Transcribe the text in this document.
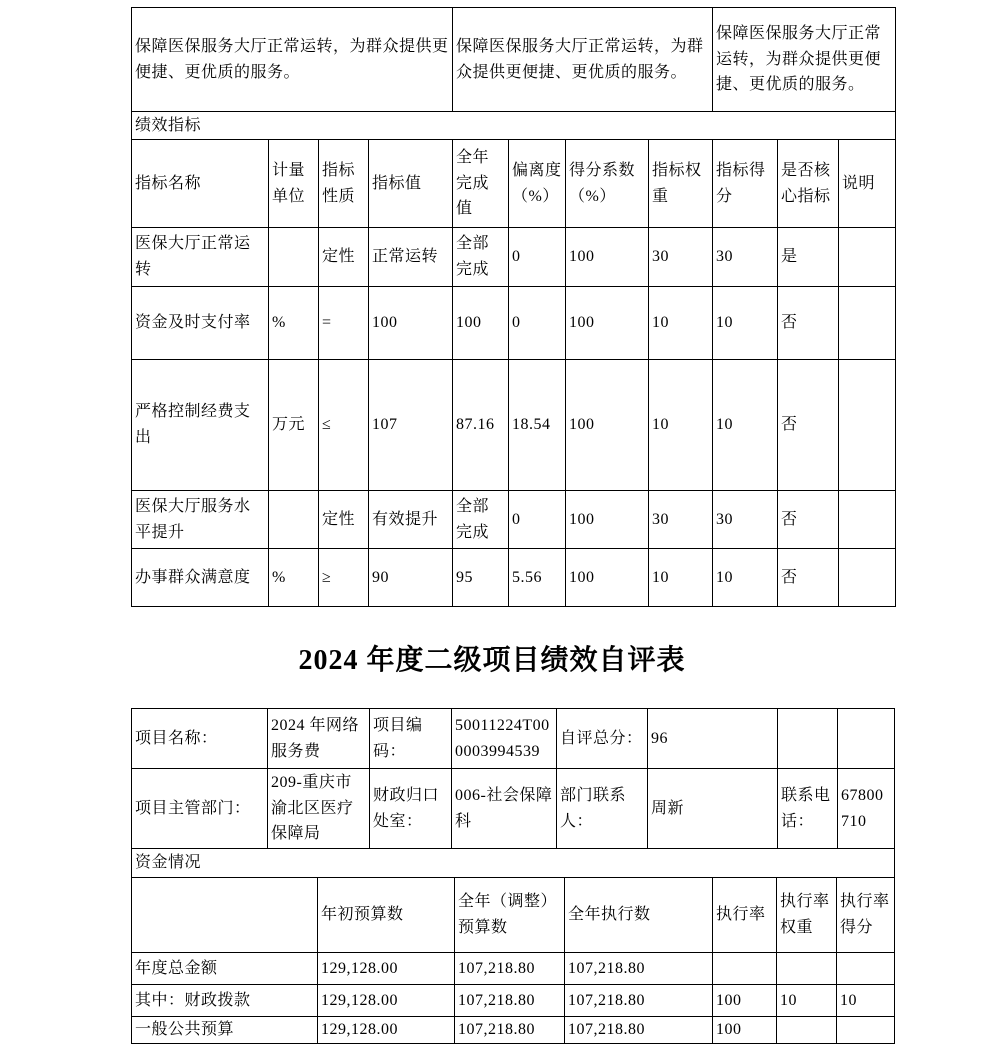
保障医保服务大厅正常运转，为群众提供更便捷、更优质的服务。				保障医保服务大厅正常运转，为群众提供更便捷、更优质的服务。				保障医保服务大厅正常运转，为群众提供更便捷、更优质的服务。		
绩效指标										
指标名称	计量单位	指标性质	指标值	全年完成值	偏离度（%）	得分系数（%）	指标权重	指标得分	是否核心指标	说明
医保大厅正常运转		定性	正常运转	全部完成	0	100	30	30	是	
资金及时支付率	%	=	100	100	0	100	10	10	否	
严格控制经费支出	万元	≤	107	87.16	18.54	100	10	10	否	
医保大厅服务水平提升		定性	有效提升	全部完成	0	100	30	30	否	
办事群众满意度	%	≥	90	95	5.56	100	10	10	否	
2024 年度二级项目绩效自评表
项目名称：	2024 年网络服务费	项目编码：	50011224T000003994539	自评总分：	96		
项目主管部门：	209-重庆市渝北区医疗保障局	财政归口处室：	006-社会保障科	部门联系人：	周新	联系电话：	67800710
资金情况						
	年初预算数	全年（调整）预算数	全年执行数	执行率	执行率权重	执行率得分
年度总金额	129,128.00	107,218.80	107,218.80			
其中：财政拨款	129,128.00	107,218.80	107,218.80	100	10	10
一般公共预算	129,128.00	107,218.80	107,218.80	100		
